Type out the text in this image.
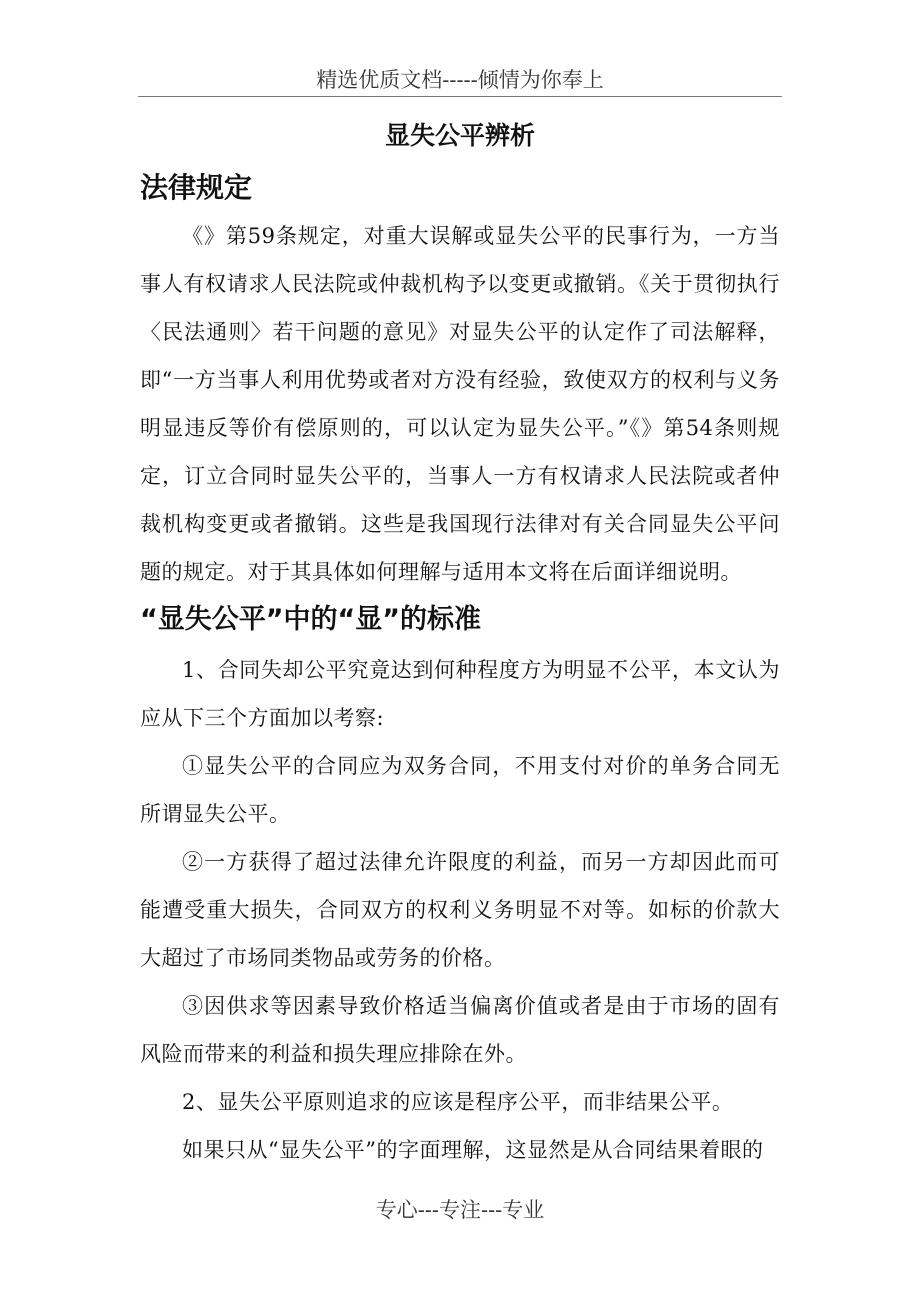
精选优质文档-----倾情为你奉上
显失公平辨析
法律规定

《》第59条规定，对重大误解或显失公平的民事行为，一方当事人有权请求人民法院或仲裁机构予以变更或撤销。《关于贯彻执行〈民法通则〉若干问题的意见》对显失公平的认定作了司法解释，即“一方当事人利用优势或者对方没有经验，致使双方的权利与义务明显违反等价有偿原则的，可以认定为显失公平。”《》第54条则规定，订立合同时显失公平的，当事人一方有权请求人民法院或者仲裁机构变更或者撤销。这些是我国现行法律对有关合同显失公平问题的规定。对于其具体如何理解与适用本文将在后面详细说明。

“显失公平”中的“显”的标准

1、合同失却公平究竟达到何种程度方为明显不公平，本文认为应从下三个方面加以考察:

①显失公平的合同应为双务合同，不用支付对价的单务合同无所谓显失公平。

②一方获得了超过法律允许限度的利益，而另一方却因此而可能遭受重大损失，合同双方的权利义务明显不对等。如标的价款大大超过了市场同类物品或劳务的价格。

③因供求等因素导致价格适当偏离价值或者是由于市场的固有风险而带来的利益和损失理应排除在外。

2、显失公平原则追求的应该是程序公平，而非结果公平。

如果只从“显失公平”的字面理解，这显然是从合同结果着眼的

专心---专注---专业
